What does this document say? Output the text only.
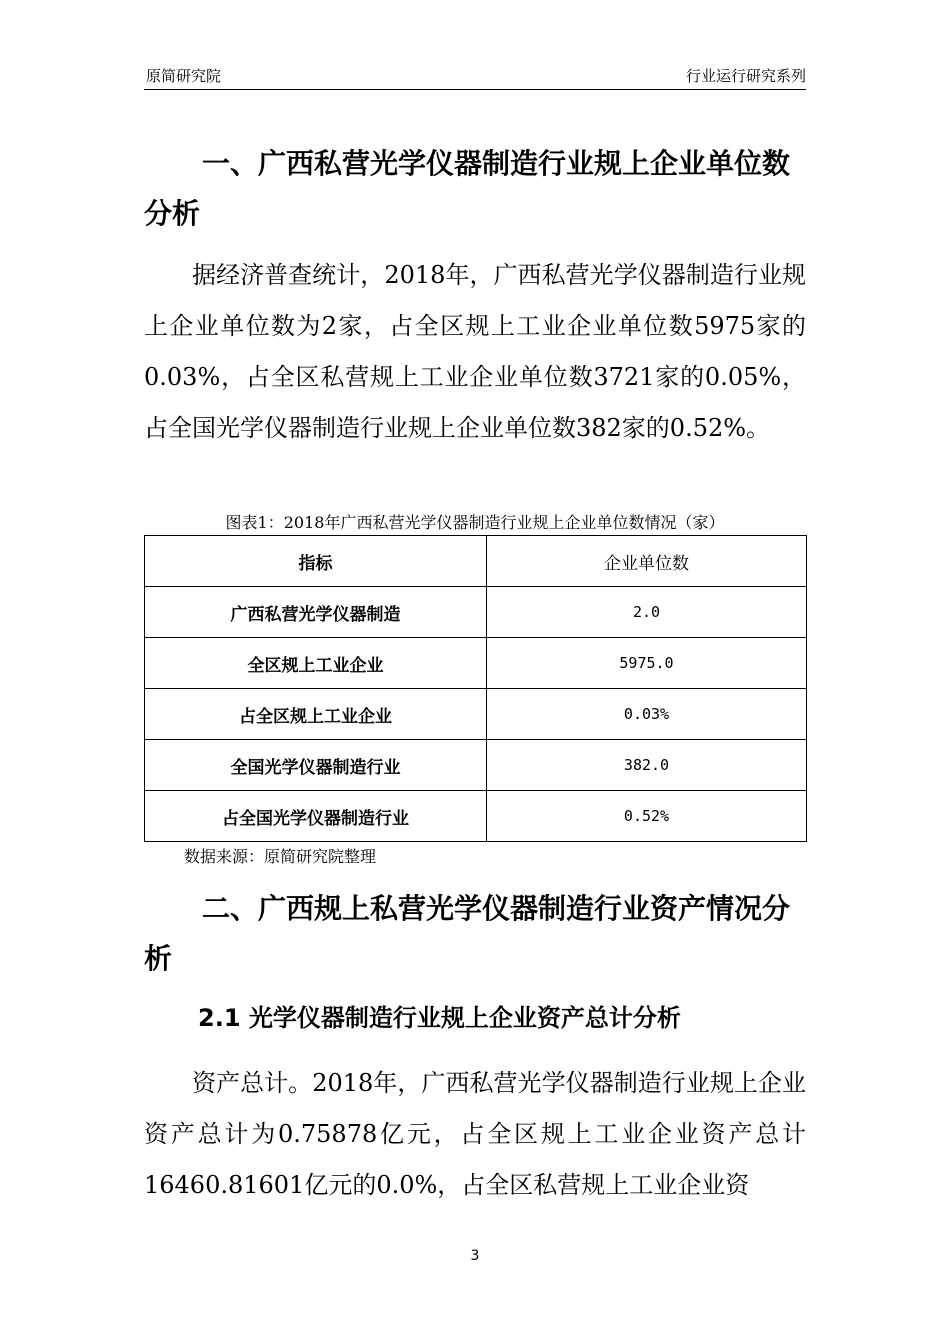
原简研究院	行业运行研究系列
一、广西私营光学仪器制造行业规上企业单位数分析

据经济普查统计，2018年，广西私营光学仪器制造行业规上企业单位数为2家，占全区规上工业企业单位数5975家的0.03%，占全区私营规上工业企业单位数3721家的0.05%，占全国光学仪器制造行业规上企业单位数382家的0.52%。

图表1：2018年广西私营光学仪器制造行业规上企业单位数情况（家）
指标	企业单位数
广西私营光学仪器制造	2.0
全区规上工业企业	5975.0
占全区规上工业企业	0.03%
全国光学仪器制造行业	382.0
占全国光学仪器制造行业	0.52%
数据来源：原简研究院整理
二、广西规上私营光学仪器制造行业资产情况分析
2.1 光学仪器制造行业规上企业资产总计分析

资产总计。2018年，广西私营光学仪器制造行业规上企业资产总计为0.75878亿元，占全区规上工业企业资产总计16460.81601亿元的0.0%，占全区私营规上工业企业资

3
